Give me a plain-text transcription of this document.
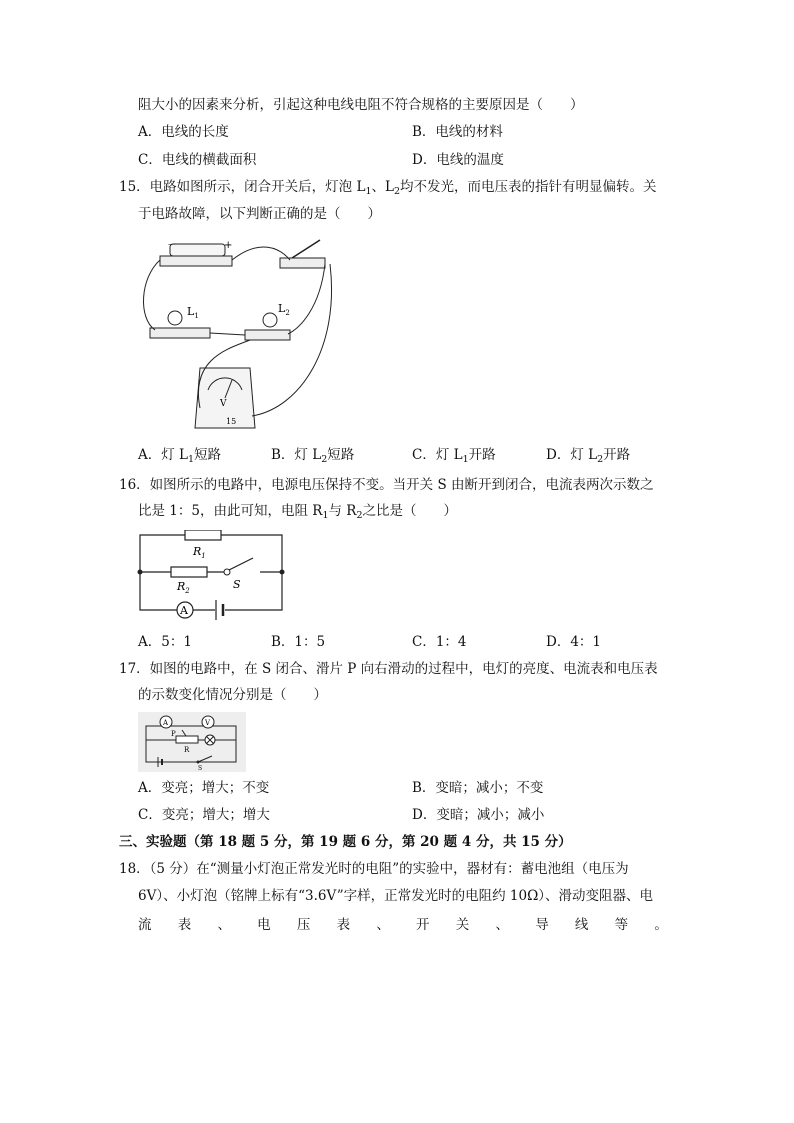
阻大小的因素来分析，引起这种电线电阻不符合规格的主要原因是（　　）
A．电线的长度	B．电线的材料
C．电线的横截面积	D．电线的温度
15．电路如图所示，闭合开关后，灯泡 $L_1$、$L_2$均不发光，而电压表的指针有明显偏转。关
于电路故障，以下判断正确的是（　　）
－	+
$L_1$
$L_2$
V
15
A．灯 $L_1$短路	B．灯 $L_2$短路	C．灯 $L_1$开路	D．灯 $L_2$开路
16．如图所示的电路中，电源电压保持不变。当开关 S 由断开到闭合，电流表两次示数之
比是 1：5，由此可知，电阻 $R_1$与 $R_2$之比是（　　）
$R_1$
$R_2$	S
A
A．5：1	B．1：5	C．1：4	D．4：1
17．如图的电路中，在 S 闭合、滑片 P 向右滑动的过程中，电灯的亮度、电流表和电压表
的示数变化情况分别是（　　）
A	V
P
R
S
A．变亮；增大；不变	B．变暗；减小；不变
C．变亮；增大；增大	D．变暗；减小；减小
三、实验题（第 18 题 5 分，第 19 题 6 分，第 20 题 4 分，共 15 分）
18．（5 分）在“测量小灯泡正常发光时的电阻”的实验中，器材有：蓄电池组（电压为
6V）、小灯泡（铭牌上标有“3.6V”字样，正常发光时的电阻约 10Ω）、滑动变阻器、电
流 表 、 电 压 表 、 开 关 、 导 线 等 。
